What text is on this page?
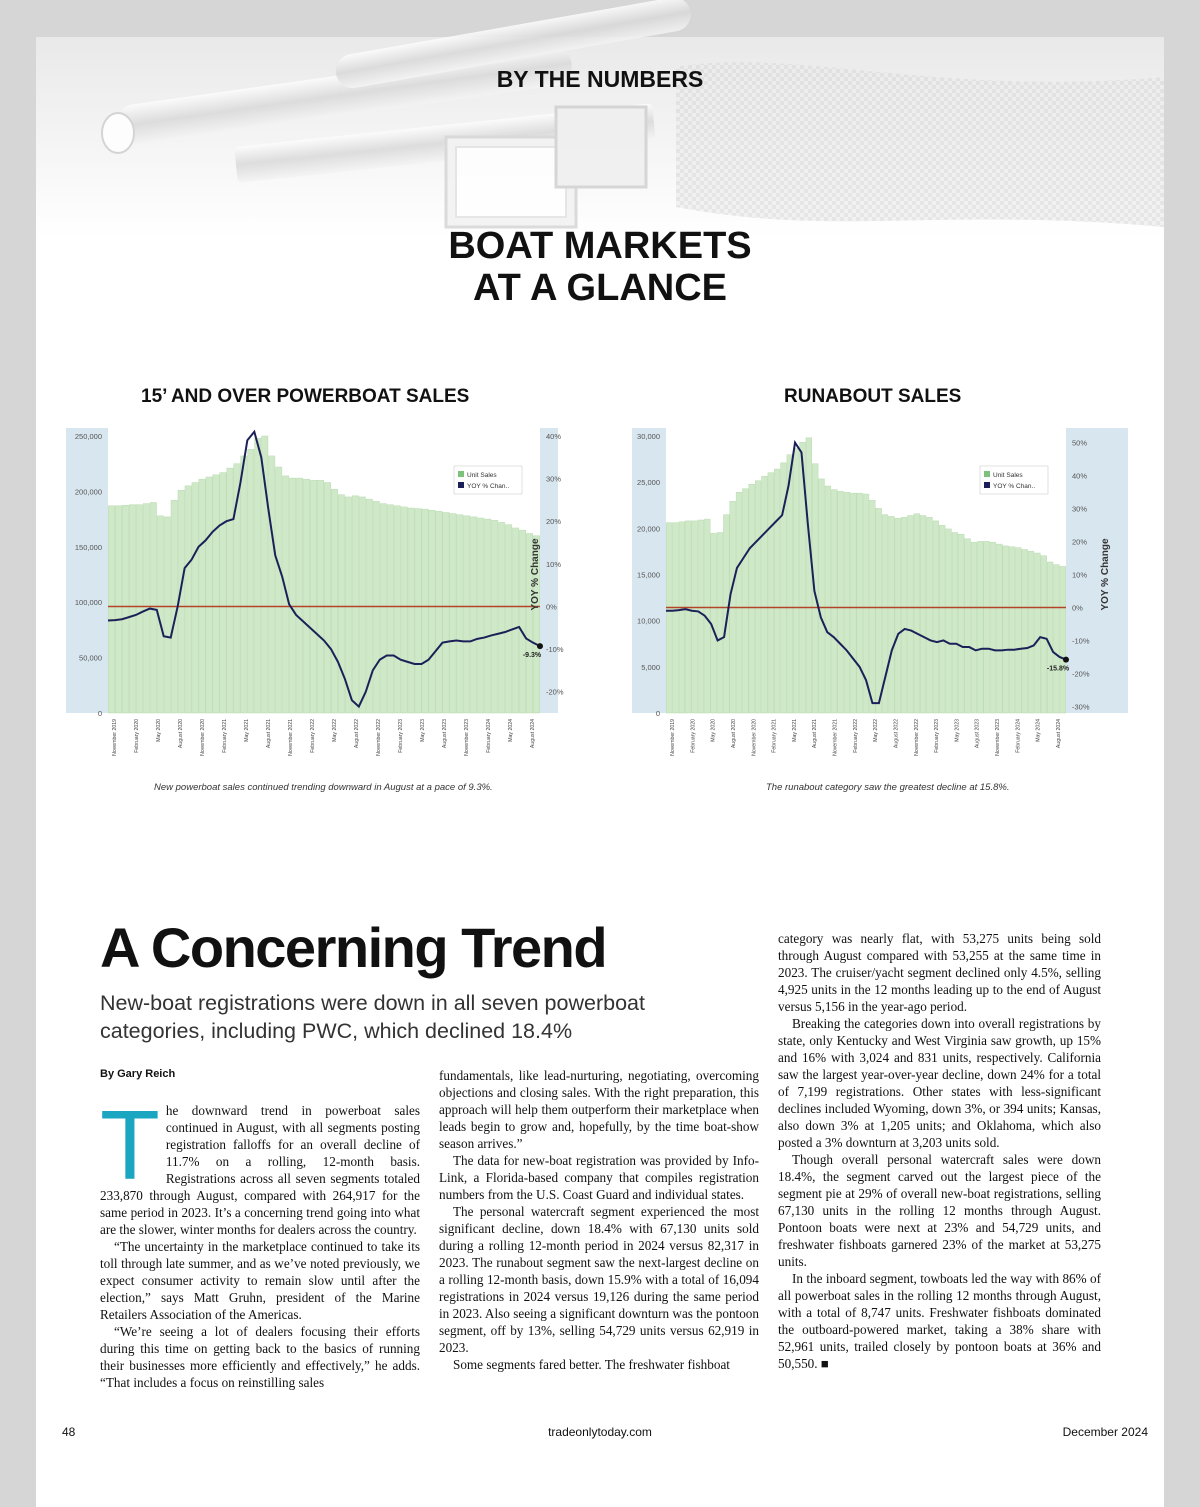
BY THE NUMBERS
BOAT MARKETS
AT A GLANCE
15’ AND OVER POWERBOAT SALES	RUNABOUT SALES
250,000
200,000
150,000
100,000
50,000
0
40%
30%
20%
10%
0%
-10%
-20%
-9.3%
YOY % Change
Unit Sales
YOY % Chan..
November 2019	February 2020	May 2020	August 2020	November 2020	February 2021	May 2021	August 2021	November 2021	February 2022	May 2022	August 2022	November 2022	February 2023	May 2023	August 2023	November 2023	February 2024	May 2024	August 2024
30,000
25,000
20,000
15,000
10,000
5,000
0
50%
40%
30%
20%
10%
0%
-10%
-20%
-30%
-15.8%
YOY % Change
Unit Sales
YOY % Chan..
November 2019	February 2020	May 2020	August 2020	November 2020	February 2021	May 2021	August 2021	November 2021	February 2022	May 2022	August 2022	November 2022	February 2023	May 2023	August 2023	November 2023	February 2024	May 2024	August 2024
New powerboat sales continued trending downward in August at a pace of 9.3%.	The runabout category saw the greatest decline at 15.8%.
A Concerning Trend
New-boat registrations were down in all seven powerboat categories, including PWC, which declined 18.4%
By Gary Reich
T he downward trend in powerboat sales continued in August, with all segments posting registration falloffs for an overall decline of 11.7% on a rolling, 12-month basis. Registrations across all seven segments totaled 233,870 through August, compared with 264,917 for the same period in 2023. It’s a concerning trend going into what are the slower, winter months for dealers across the country.

“The uncertainty in the marketplace continued to take its toll through late summer, and as we’ve noted previously, we expect consumer activity to remain slow until after the election,” says Matt Gruhn, president of the Marine Retailers Association of the Americas.

“We’re seeing a lot of dealers focusing their efforts during this time on getting back to the basics of running their businesses more efficiently and effectively,” he adds. “That includes a focus on reinstilling sales

fundamentals, like lead-nurturing, negotiating, overcoming objections and closing sales. With the right preparation, this approach will help them outperform their marketplace when leads begin to grow and, hopefully, by the time boat-show season arrives.”

The data for new-boat registration was provided by Info-Link, a Florida-based company that compiles registration numbers from the U.S. Coast Guard and individual states.

The personal watercraft segment experienced the most significant decline, down 18.4% with 67,130 units sold during a rolling 12-month period in 2024 versus 82,317 in 2023. The runabout segment saw the next-largest decline on a rolling 12-month basis, down 15.9% with a total of 16,094 registrations in 2024 versus 19,126 during the same period in 2023. Also seeing a significant downturn was the pontoon segment, off by 13%, selling 54,729 units versus 62,919 in 2023.

Some segments fared better. The freshwater fishboat

category was nearly flat, with 53,275 units being sold through August compared with 53,255 at the same time in 2023. The cruiser/yacht segment declined only 4.5%, selling 4,925 units in the 12 months leading up to the end of August versus 5,156 in the year-ago period.

Breaking the categories down into overall registrations by state, only Kentucky and West Virginia saw growth, up 15% and 16% with 3,024 and 831 units, respectively. California saw the largest year-over-year decline, down 24% for a total of 7,199 registrations. Other states with less-significant declines included Wyoming, down 3%, or 394 units; Kansas, also down 3% at 1,205 units; and Oklahoma, which also posted a 3% downturn at 3,203 units sold.

Though overall personal watercraft sales were down 18.4%, the segment carved out the largest piece of the segment pie at 29% of overall new-boat registrations, selling 67,130 units in the rolling 12 months through August. Pontoon boats were next at 23% and 54,729 units, and freshwater fishboats garnered 23% of the market at 53,275 units.

In the inboard segment, towboats led the way with 86% of all powerboat sales in the rolling 12 months through August, with a total of 8,747 units. Freshwater fishboats dominated the outboard-powered market, taking a 38% share with 52,961 units, trailed closely by pontoon boats at 36% and 50,550. ■

tradeonlytoday.com
48	December 2024
